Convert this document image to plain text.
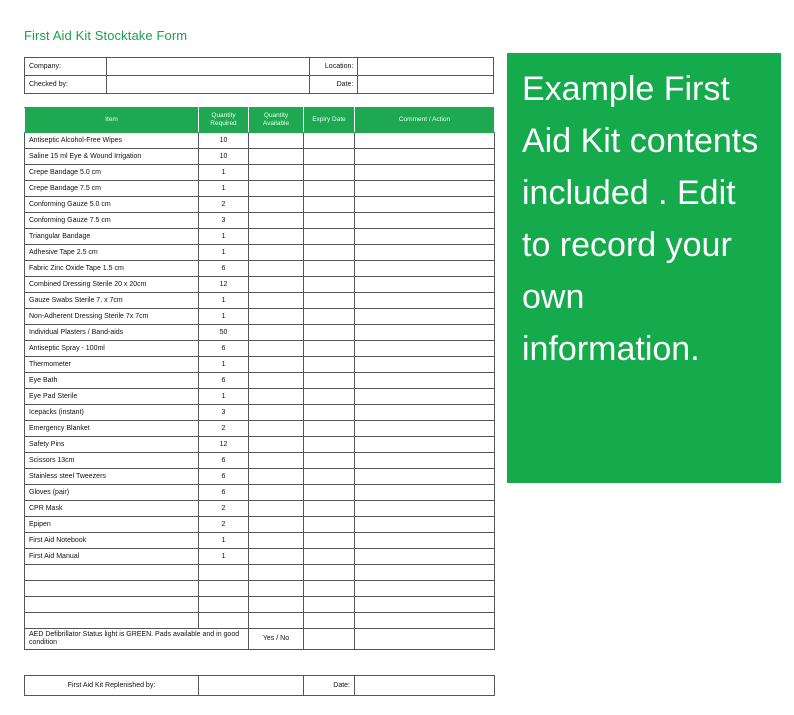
First Aid Kit Stocktake Form
Company:		Location:	
Checked by:		Date:	
Item	Quantity Required	Quantity Available	Expiry Date	Comment / Action
Antiseptic Alcohol-Free Wipes	10			
Saline 15 ml Eye & Wound Irrigation	10			
Crepe Bandage 5.0 cm	1			
Crepe Bandage 7.5 cm	1			
Conforming Gauze 5.0 cm	2			
Conforming Gauze 7.5 cm	3			
Triangular Bandage	1			
Adhesive Tape 2.5 cm	1			
Fabric Zinc Oxide Tape 1.5 cm	6			
Combined Dressing Sterile 20 x 20cm	12			
Gauze Swabs Sterile 7. x 7cm	1			
Non-Adherent Dressing Sterile 7x 7cm	1			
Individual Plasters / Band-aids	50			
Antiseptic Spray - 100ml	6			
Thermometer	1			
Eye Bath	6			
Eye Pad Sterile	1			
Icepacks (instant)	3			
Emergency Blanket	2			
Safety Pins	12			
Scissors 13cm	6			
Stainless steel Tweezers	6			
Gloves (pair)	6			
CPR Mask	2			
Epipen	2			
First Aid Notebook	1			
First Aid Manual	1			

AED Defibrillator Status light is GREEN. Pads available and in good condition		Yes / No		
First Aid Kit Replenished by:		Date:	
Example First Aid Kit contents included . Edit to record your own information.
